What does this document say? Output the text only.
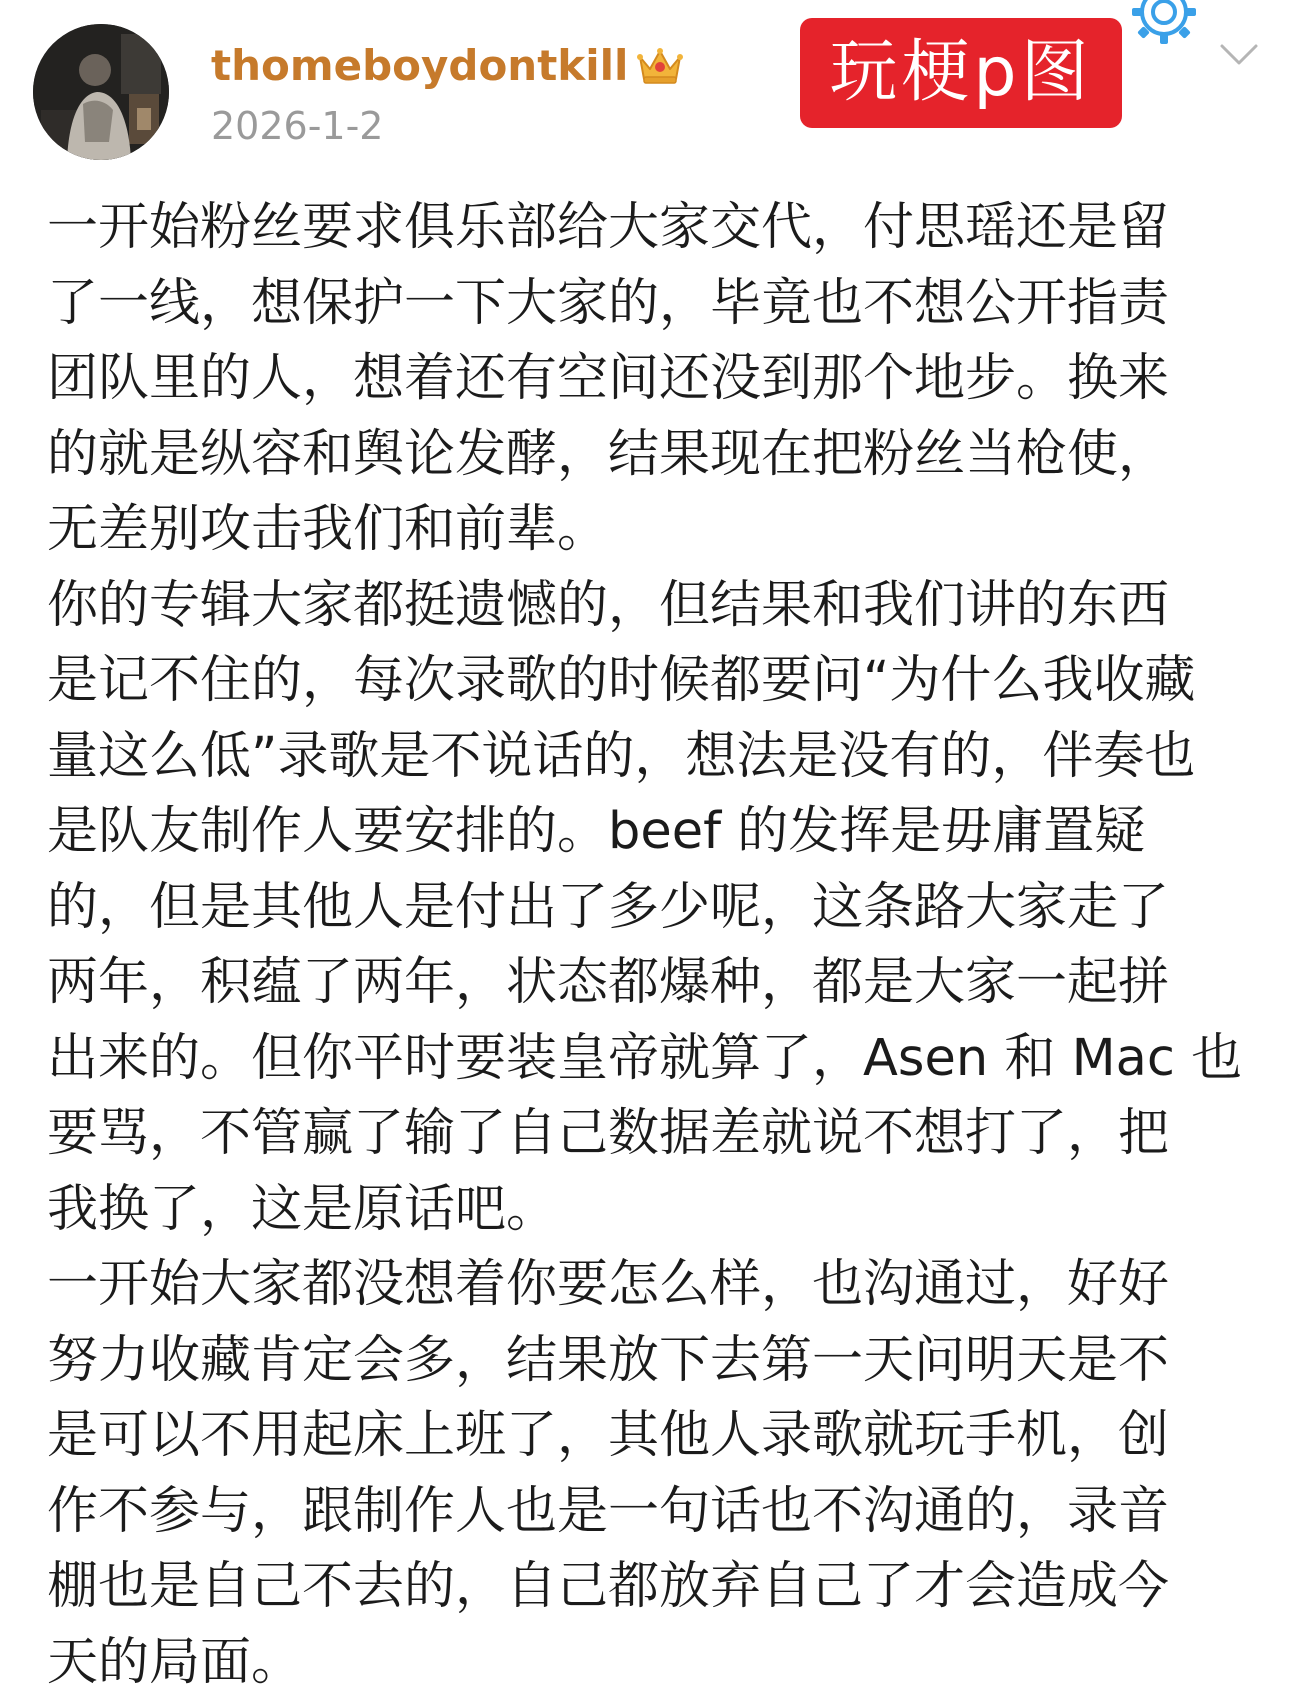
thomeboydontkill
2026-1-2
玩梗p图
一开始粉丝要求俱乐部给大家交代，付思瑶还是留
了一线，想保护一下大家的，毕竟也不想公开指责
团队里的人，想着还有空间还没到那个地步。换来
的就是纵容和舆论发酵，结果现在把粉丝当枪使，
无差别攻击我们和前辈。
你的专辑大家都挺遗憾的，但结果和我们讲的东西
是记不住的，每次录歌的时候都要问“为什么我收藏
量这么低”录歌是不说话的，想法是没有的，伴奏也
是队友制作人要安排的。beef 的发挥是毋庸置疑
的，但是其他人是付出了多少呢，这条路大家走了
两年，积蕴了两年，状态都爆种，都是大家一起拼
出来的。但你平时要装皇帝就算了，Asen 和 Mac 也
要骂，不管赢了输了自己数据差就说不想打了，把
我换了，这是原话吧。
一开始大家都没想着你要怎么样，也沟通过，好好
努力收藏肯定会多，结果放下去第一天问明天是不
是可以不用起床上班了，其他人录歌就玩手机，创
作不参与，跟制作人也是一句话也不沟通的，录音
棚也是自己不去的，自己都放弃自己了才会造成今
天的局面。
